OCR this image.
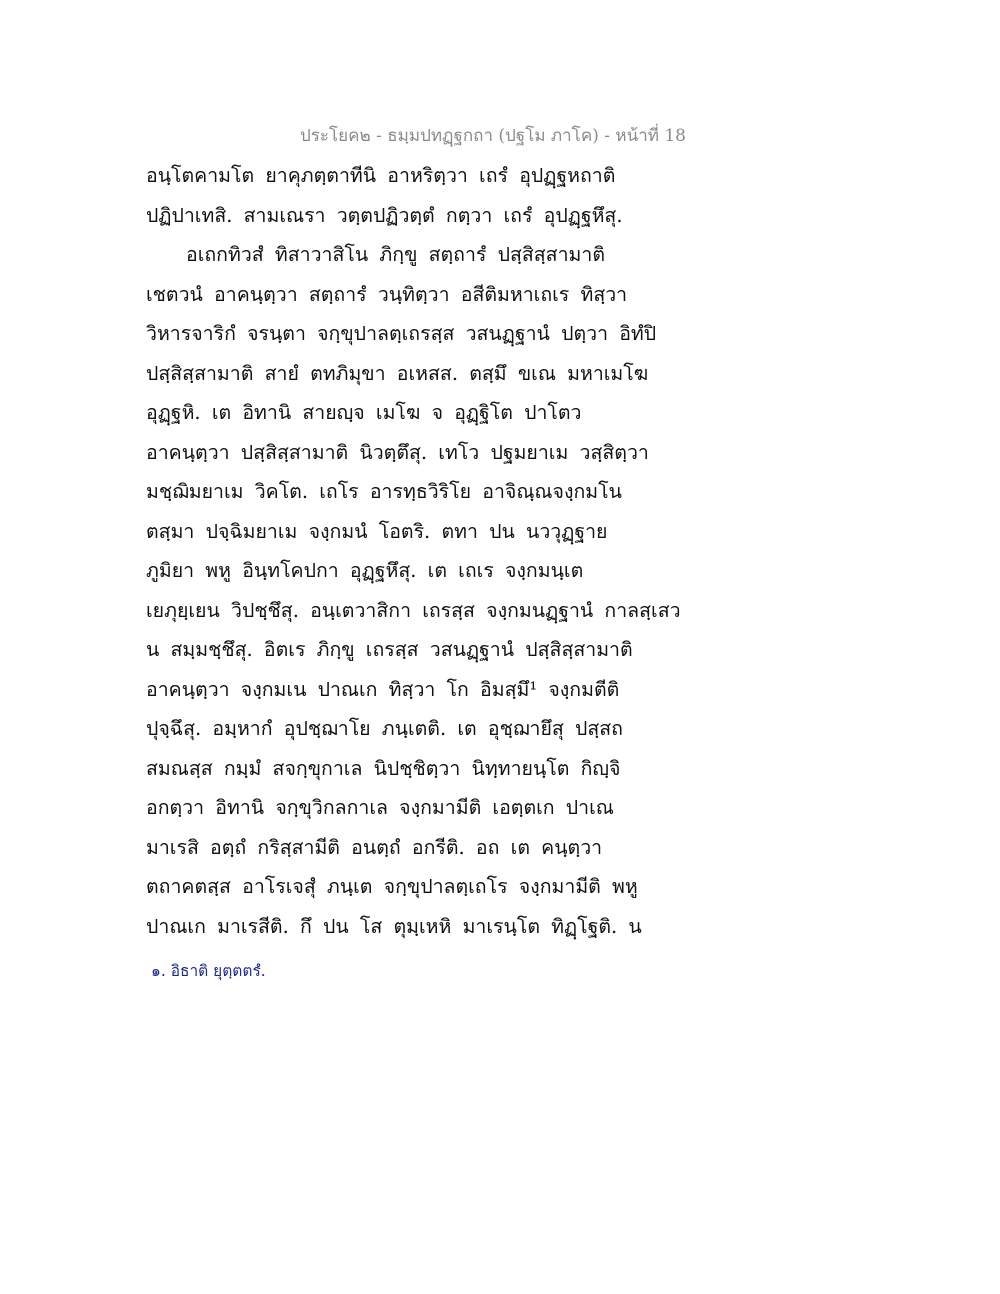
ประโยค๒ - ธมฺมปทฏฺฐกถา (ปฐโม ภาโค) - หน้าที่ 18
อนฺโตคามโต ยาคุภตฺตาทีนิ อาหริตฺวา เถรํ อุปฏฺฐหถาติ
ปฏิปาเทสิ. สามเณรา วตฺตปฏิวตฺตํ กตฺวา เถรํ อุปฏฺฐหึสุ.
อเถกทิวสํ ทิสาวาสิโน ภิกฺขู สตฺถารํ ปสฺสิสฺสามาติ
เชตวนํ อาคนฺตฺวา สตฺถารํ วนฺทิตฺวา อสีติมหาเถเร ทิสฺวา
วิหารจาริกํ จรนฺตา จกฺขุปาลตฺเถรสฺส วสนฏฺฐานํ ปตฺวา อิทํปิ
ปสฺสิสฺสามาติ สายํ ตทภิมุขา อเหสส. ตสฺมึ ขเณ มหาเมโฆ
อุฏฺฐหิ. เต อิทานิ สายญฺจ เมโฆ จ อุฏฺฐิโต ปาโตว
อาคนฺตฺวา ปสฺสิสฺสามาติ นิวตฺตึสุ. เทโว ปฐมยาเม วสฺสิตฺวา
มชฺฌิมยาเม วิคโต. เถโร อารทฺธวิริโย อาจิณฺณจงฺกมโน
ตสฺมา ปจฺฉิมยาเม จงฺกมนํ โอตริ. ตทา ปน นววุฏฺฐาย
ภูมิยา พหู อินฺทโคปกา อุฏฺฐหึสุ. เต เถเร จงฺกมนฺเต
เยภุยฺเยน วิปชฺชึสุ. อนฺเตวาสิกา เถรสฺส จงฺกมนฏฺฐานํ กาลสฺเสว
น สมฺมชฺชึสุ. อิตเร ภิกฺขู เถรสฺส วสนฏฺฐานํ ปสฺสิสฺสามาติ
อาคนฺตฺวา จงฺกมเน ปาณเก ทิสฺวา โก อิมสฺมึ¹ จงฺกมตีติ
ปุจฺฉึสุ. อมฺหากํ อุปชฺฌาโย ภนฺเตติ. เต อุชฺฌายึสุ ปสฺสถ
สมณสฺส กมฺมํ สจกฺขุกาเล นิปชฺชิตฺวา นิทฺทายนฺโต กิญฺจิ
อกตฺวา อิทานิ จกฺขุวิกลกาเล จงฺกมามีติ เอตฺตเก ปาเณ
มาเรสิ อตฺถํ กริสฺสามีติ อนตฺถํ อกรีติ. อถ เต คนฺตฺวา
ตถาคตสฺส อาโรเจสุํ ภนฺเต จกฺขุปาลตฺเถโร จงฺกมามีติ พหู
ปาณเก มาเรสีติ. กึ ปน โส ตุมฺเหหิ มาเรนฺโต ทิฏฺโฐติ. น
๑. อิธาติ ยุตฺตตรํ.
